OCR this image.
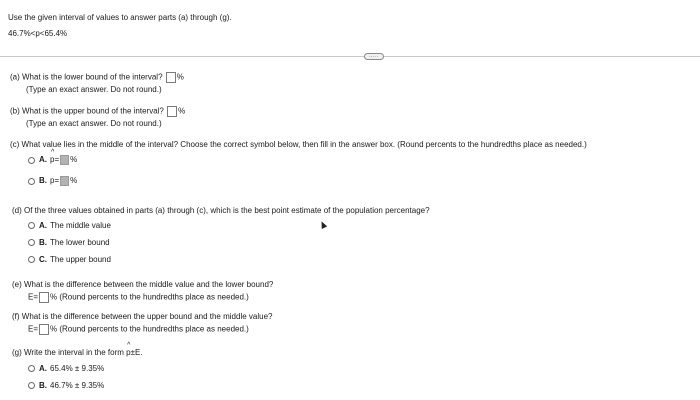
Use the given interval of values to answer parts (a) through (g).
46.7%<p<65.4%
.....
(a) What is the lower bound of the interval? %
(Type an exact answer. Do not round.)
(b) What is the upper bound of the interval? %
(Type an exact answer. Do not round.)
(c) What value lies in the middle of the interval? Choose the correct symbol below, then fill in the answer box. (Round percents to the hundredths place as needed.)
A. ^ p= %
B. p= %
(d) Of the three values obtained in parts (a) through (c), which is the best point estimate of the population percentage?
A. The middle value
B. The lower bound
C. The upper bound
(e) What is the difference between the middle value and the lower bound?
E= % (Round percents to the hundredths place as needed.)
(f) What is the difference between the upper bound and the middle value?
E= % (Round percents to the hundredths place as needed.)
(g) Write the interval in the form ^ p±E.
A. 65.4% ± 9.35%
B. 46.7% ± 9.35%
